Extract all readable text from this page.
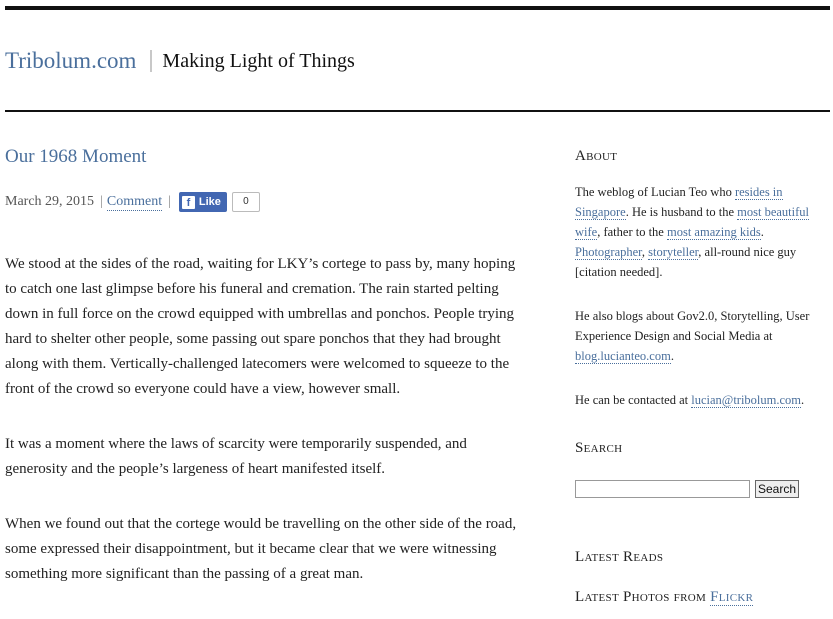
Tribolum.com Making Light of Things
Our 1968 Moment
March 29, 2015 | Comment |	f Like	0

We stood at the sides of the road, waiting for LKY’s cortege to pass by, many hoping to catch one last glimpse before his funeral and cremation. The rain started pelting down in full force on the crowd equipped with umbrellas and ponchos. People trying hard to shelter other people, some passing out spare ponchos that they had brought along with them. Vertically-challenged latecomers were welcomed to squeeze to the front of the crowd so everyone could have a view, however small.

It was a moment where the laws of scarcity were temporarily suspended, and generosity and the people’s largeness of heart manifested itself.

When we found out that the cortege would be travelling on the other side of the road, some expressed their disappointment, but it became clear that we were witnessing something more significant than the passing of a great man.

About

The weblog of Lucian Teo who resides in Singapore. He is husband to the most beautiful wife, father to the most amazing kids. Photographer, storyteller, all-round nice guy [citation needed].

He also blogs about Gov2.0, Storytelling, User Experience Design and Social Media at blog.lucianteo.com.

He can be contacted at lucian@tribolum.com.

Search
Search
Latest Reads
Latest Photos from Flickr
